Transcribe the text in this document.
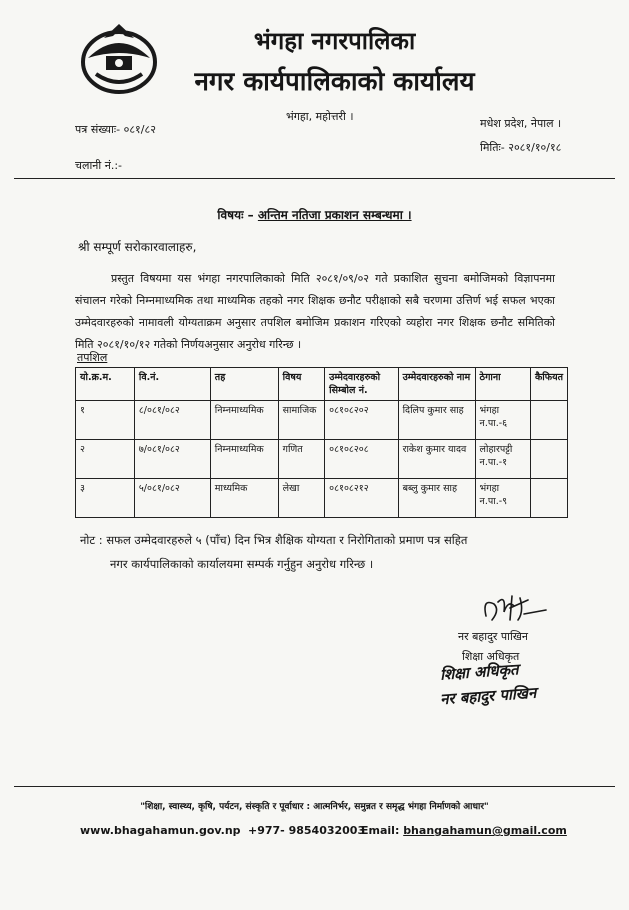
भंगहा नगरपालिका
नगर कार्यपालिकाको कार्यालय
भंगहा, महोत्तरी ।
पत्र संख्याः- ०८१/८२	मधेश प्रदेश, नेपाल ।
मितिः- २०८१/१०/१८
चलानी नं.:-
विषयः – अन्तिम नतिजा प्रकाशन सम्बन्धमा ।
श्री सम्पूर्ण सरोकारवालाहरु,
प्रस्तुत विषयमा यस भंगहा नगरपालिकाको मिति २०८१/०९/०२ गते प्रकाशित सुचना बमोजिमको विज्ञापनमा संचालन गरेको निम्नमाध्यमिक तथा माध्यमिक तहको नगर शिक्षक छनौट परीक्षाको सबै चरणमा उत्तिर्ण भई सफल भएका उम्मेदवारहरुको नामावली योग्यताक्रम अनुसार तपशिल बमोजिम प्रकाशन गरिएको व्यहोरा नगर शिक्षक छनौट समितिको मिति २०८१/१०/१२ गतेको निर्णयअनुसार अनुरोध गरिन्छ ।
तपशिल
यो.क्र.म.	वि.नं.	तह	विषय	उम्मेदवारहरुको सिम्बोल नं.	उम्मेदवारहरुको नाम	ठेगाना	कैफियत
१	८/०८१/०८२	निम्नमाध्यमिक	सामाजिक	०८१०८२०२	दिलिप कुमार साह	भंगहा न.पा.-६	
२	७/०८१/०८२	निम्नमाध्यमिक	गणित	०८१०८२०८	राकेश कुमार यादव	लोहारपट्टी न.पा.-१	
३	५/०८१/०८२	माध्यमिक	लेखा	०८१०८२१२	बब्लु कुमार साह	भंगहा न.पा.-९	
नोट : सफल उम्मेदवारहरुले ५ (पाँच) दिन भित्र शैक्षिक योग्यता र निरोगिताको प्रमाण पत्र सहित
नगर कार्यपालिकाको कार्यालयमा सम्पर्क गर्नुहुन अनुरोध गरिन्छ ।
नर बहादुर पाखिन
शिक्षा अधिकृत
शिक्षा अधिकृत
नर बहादुर पाखिन
"शिक्षा, स्वास्थ्य, कृषि, पर्यटन, संस्कृति र पूर्वाधार : आत्मनिर्भर, समुन्नत र समृद्ध भंगहा निर्माणको आधार"
www.bhagahamun.gov.np +977- 9854032003
Email: bhangahamun@gmail.com
